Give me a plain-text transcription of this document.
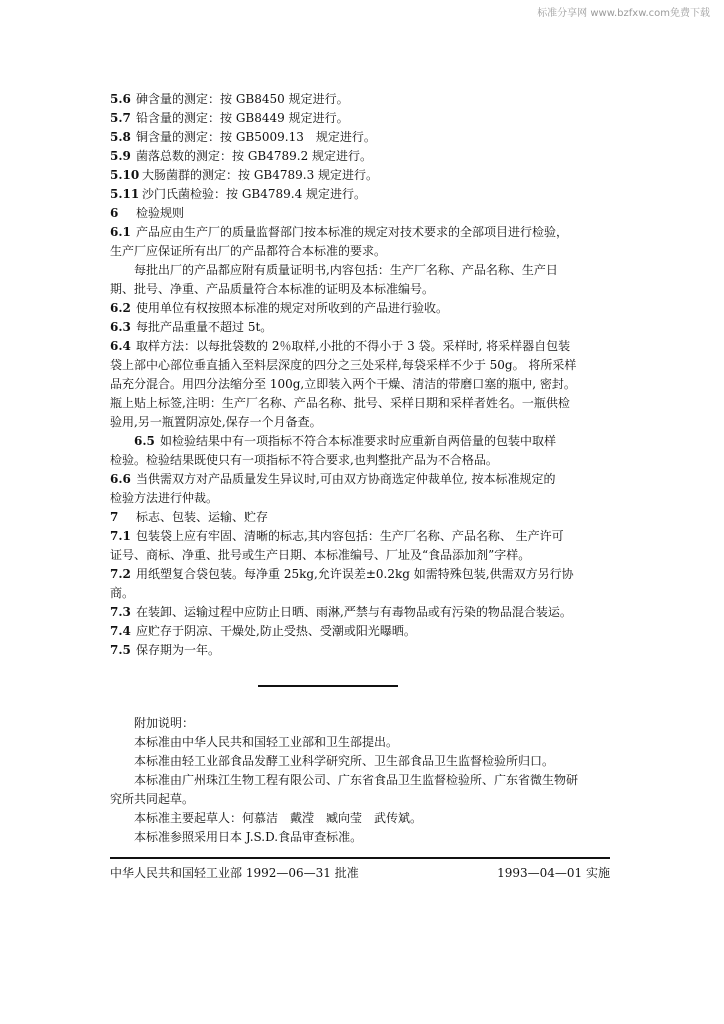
标准分享网 www.bzfxw.com免费下载
5.6 砷含量的测定：按 GB8450 规定进行。
5.7 铅含量的测定：按 GB8449 规定进行。
5.8 铜含量的测定：按 GB5009.13　规定进行。
5.9 菌落总数的测定：按 GB4789.2 规定进行。
5.10 大肠菌群的测定：按 GB4789.3 规定进行。
5.11 沙门氏菌检验：按 GB4789.4 规定进行。
6 检验规则
6.1 产品应由生产厂的质量监督部门按本标准的规定对技术要求的全部项目进行检验，
生产厂应保证所有出厂的产品都符合本标准的要求。
每批出厂的产品都应附有质量证明书,内容包括：生产厂名称、产品名称、生产日
期、批号、净重、产品质量符合本标准的证明及本标准编号。
6.2 使用单位有权按照本标准的规定对所收到的产品进行验收。
6.3 每批产品重量不超过 5t。
6.4 取样方法：以每批袋数的 2％取样,小批的不得小于 3 袋。采样时, 将采样器自包装
袋上部中心部位垂直插入至料层深度的四分之三处采样,每袋采样不少于 50g。 将所采样
品充分混合。用四分法缩分至 100g,立即装入两个干燥、清洁的带磨口塞的瓶中, 密封。
瓶上贴上标签,注明：生产厂名称、产品名称、批号、采样日期和采样者姓名。一瓶供检
验用,另一瓶置阴凉处,保存一个月备查。
6.5 如检验结果中有一项指标不符合本标准要求时应重新自两倍量的包装中取样
检验。检验结果既使只有一项指标不符合要求,也判整批产品为不合格品。
6.6 当供需双方对产品质量发生异议时,可由双方协商选定仲裁单位, 按本标准规定的
检验方法进行仲裁。
7 标志、包装、运输、贮存
7.1 包装袋上应有牢固、清晰的标志,其内容包括：生产厂名称、产品名称、 生产许可
证号、商标、净重、批号或生产日期、本标准编号、厂址及“食品添加剂”字样。
7.2 用纸塑复合袋包装。每净重 25kg,允许误差±0.2kg 如需特殊包装,供需双方另行协
商。
7.3 在装卸、运输过程中应防止日晒、雨淋,严禁与有毒物品或有污染的物品混合装运。
7.4 应贮存于阴凉、干燥处,防止受热、受潮或阳光曝晒。
7.5 保存期为一年。
附加说明：
本标准由中华人民共和国轻工业部和卫生部提出。
本标准由轻工业部食品发酵工业科学研究所、卫生部食品卫生监督检验所归口。
本标准由广州珠江生物工程有限公司、广东省食品卫生监督检验所、广东省微生物研
究所共同起草。
本标准主要起草人：何慕洁　戴滢　臧向莹　武传斌。
本标准参照采用日本 J.S.D.食品审查标准。
中华人民共和国轻工业部 1992—06—31 批准	1993—04—01 实施
